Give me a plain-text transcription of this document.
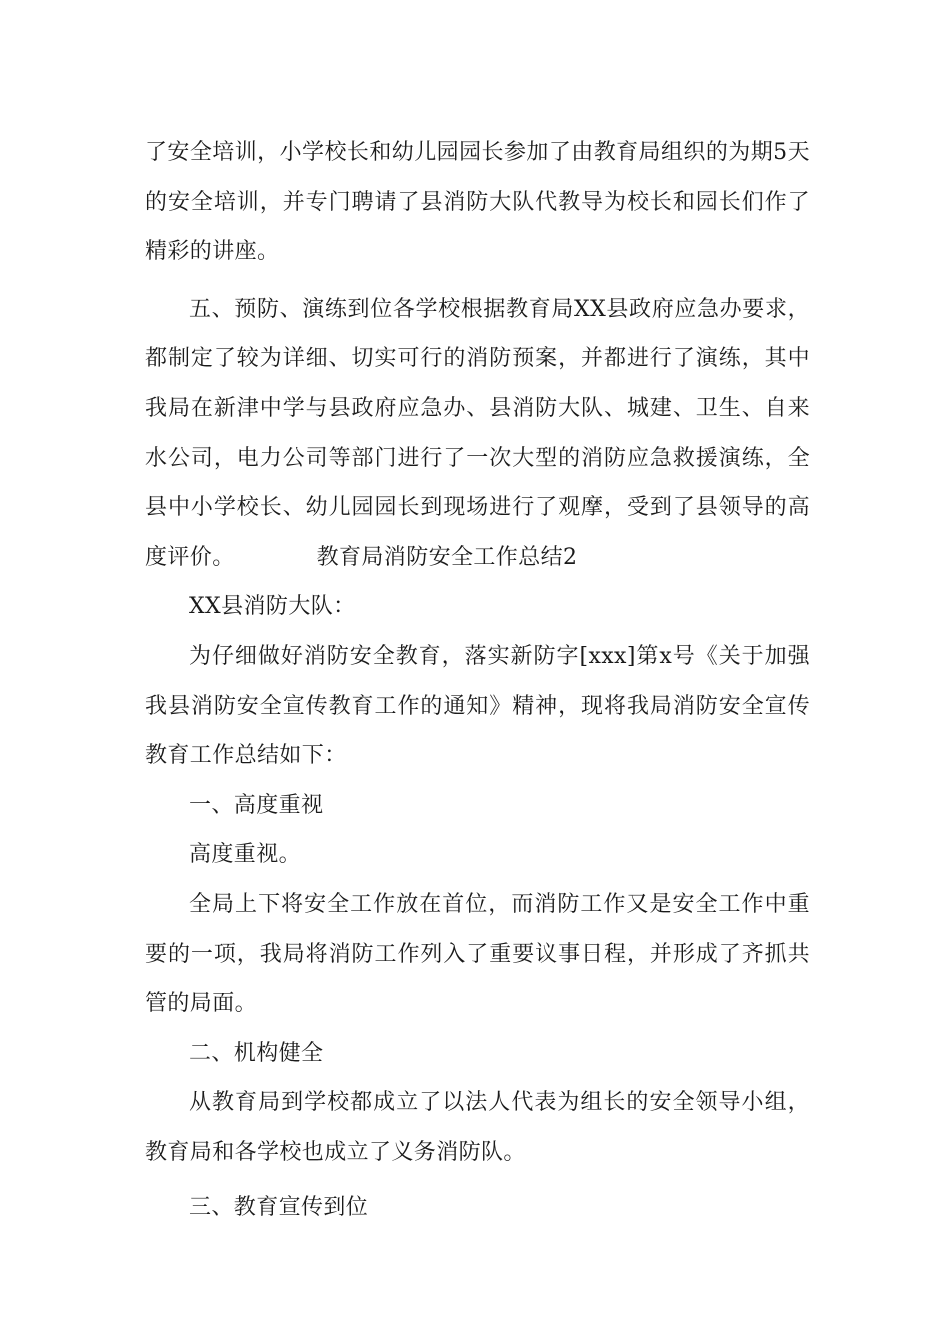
了安全培训，小学校长和幼儿园园长参加了由教育局组织的为期5天的安全培训，并专门聘请了县消防大队代教导为校长和园长们作了精彩的讲座。

五、预防、演练到位各学校根据教育局XX县政府应急办要求，都制定了较为详细、切实可行的消防预案，并都进行了演练，其中我局在新津中学与县政府应急办、县消防大队、城建、卫生、自来水公司，电力公司等部门进行了一次大型的消防应急救援演练，全县中小学校长、幼儿园园长到现场进行了观摩，受到了县领导的高度评价。	教育局消防安全工作总结2

XX县消防大队：

为仔细做好消防安全教育，落实新防字[xxx]第x号《关于加强我县消防安全宣传教育工作的通知》精神，现将我局消防安全宣传教育工作总结如下：

一、高度重视

高度重视。

全局上下将安全工作放在首位，而消防工作又是安全工作中重要的一项，我局将消防工作列入了重要议事日程，并形成了齐抓共管的局面。

二、机构健全

从教育局到学校都成立了以法人代表为组长的安全领导小组，教育局和各学校也成立了义务消防队。

三、教育宣传到位
